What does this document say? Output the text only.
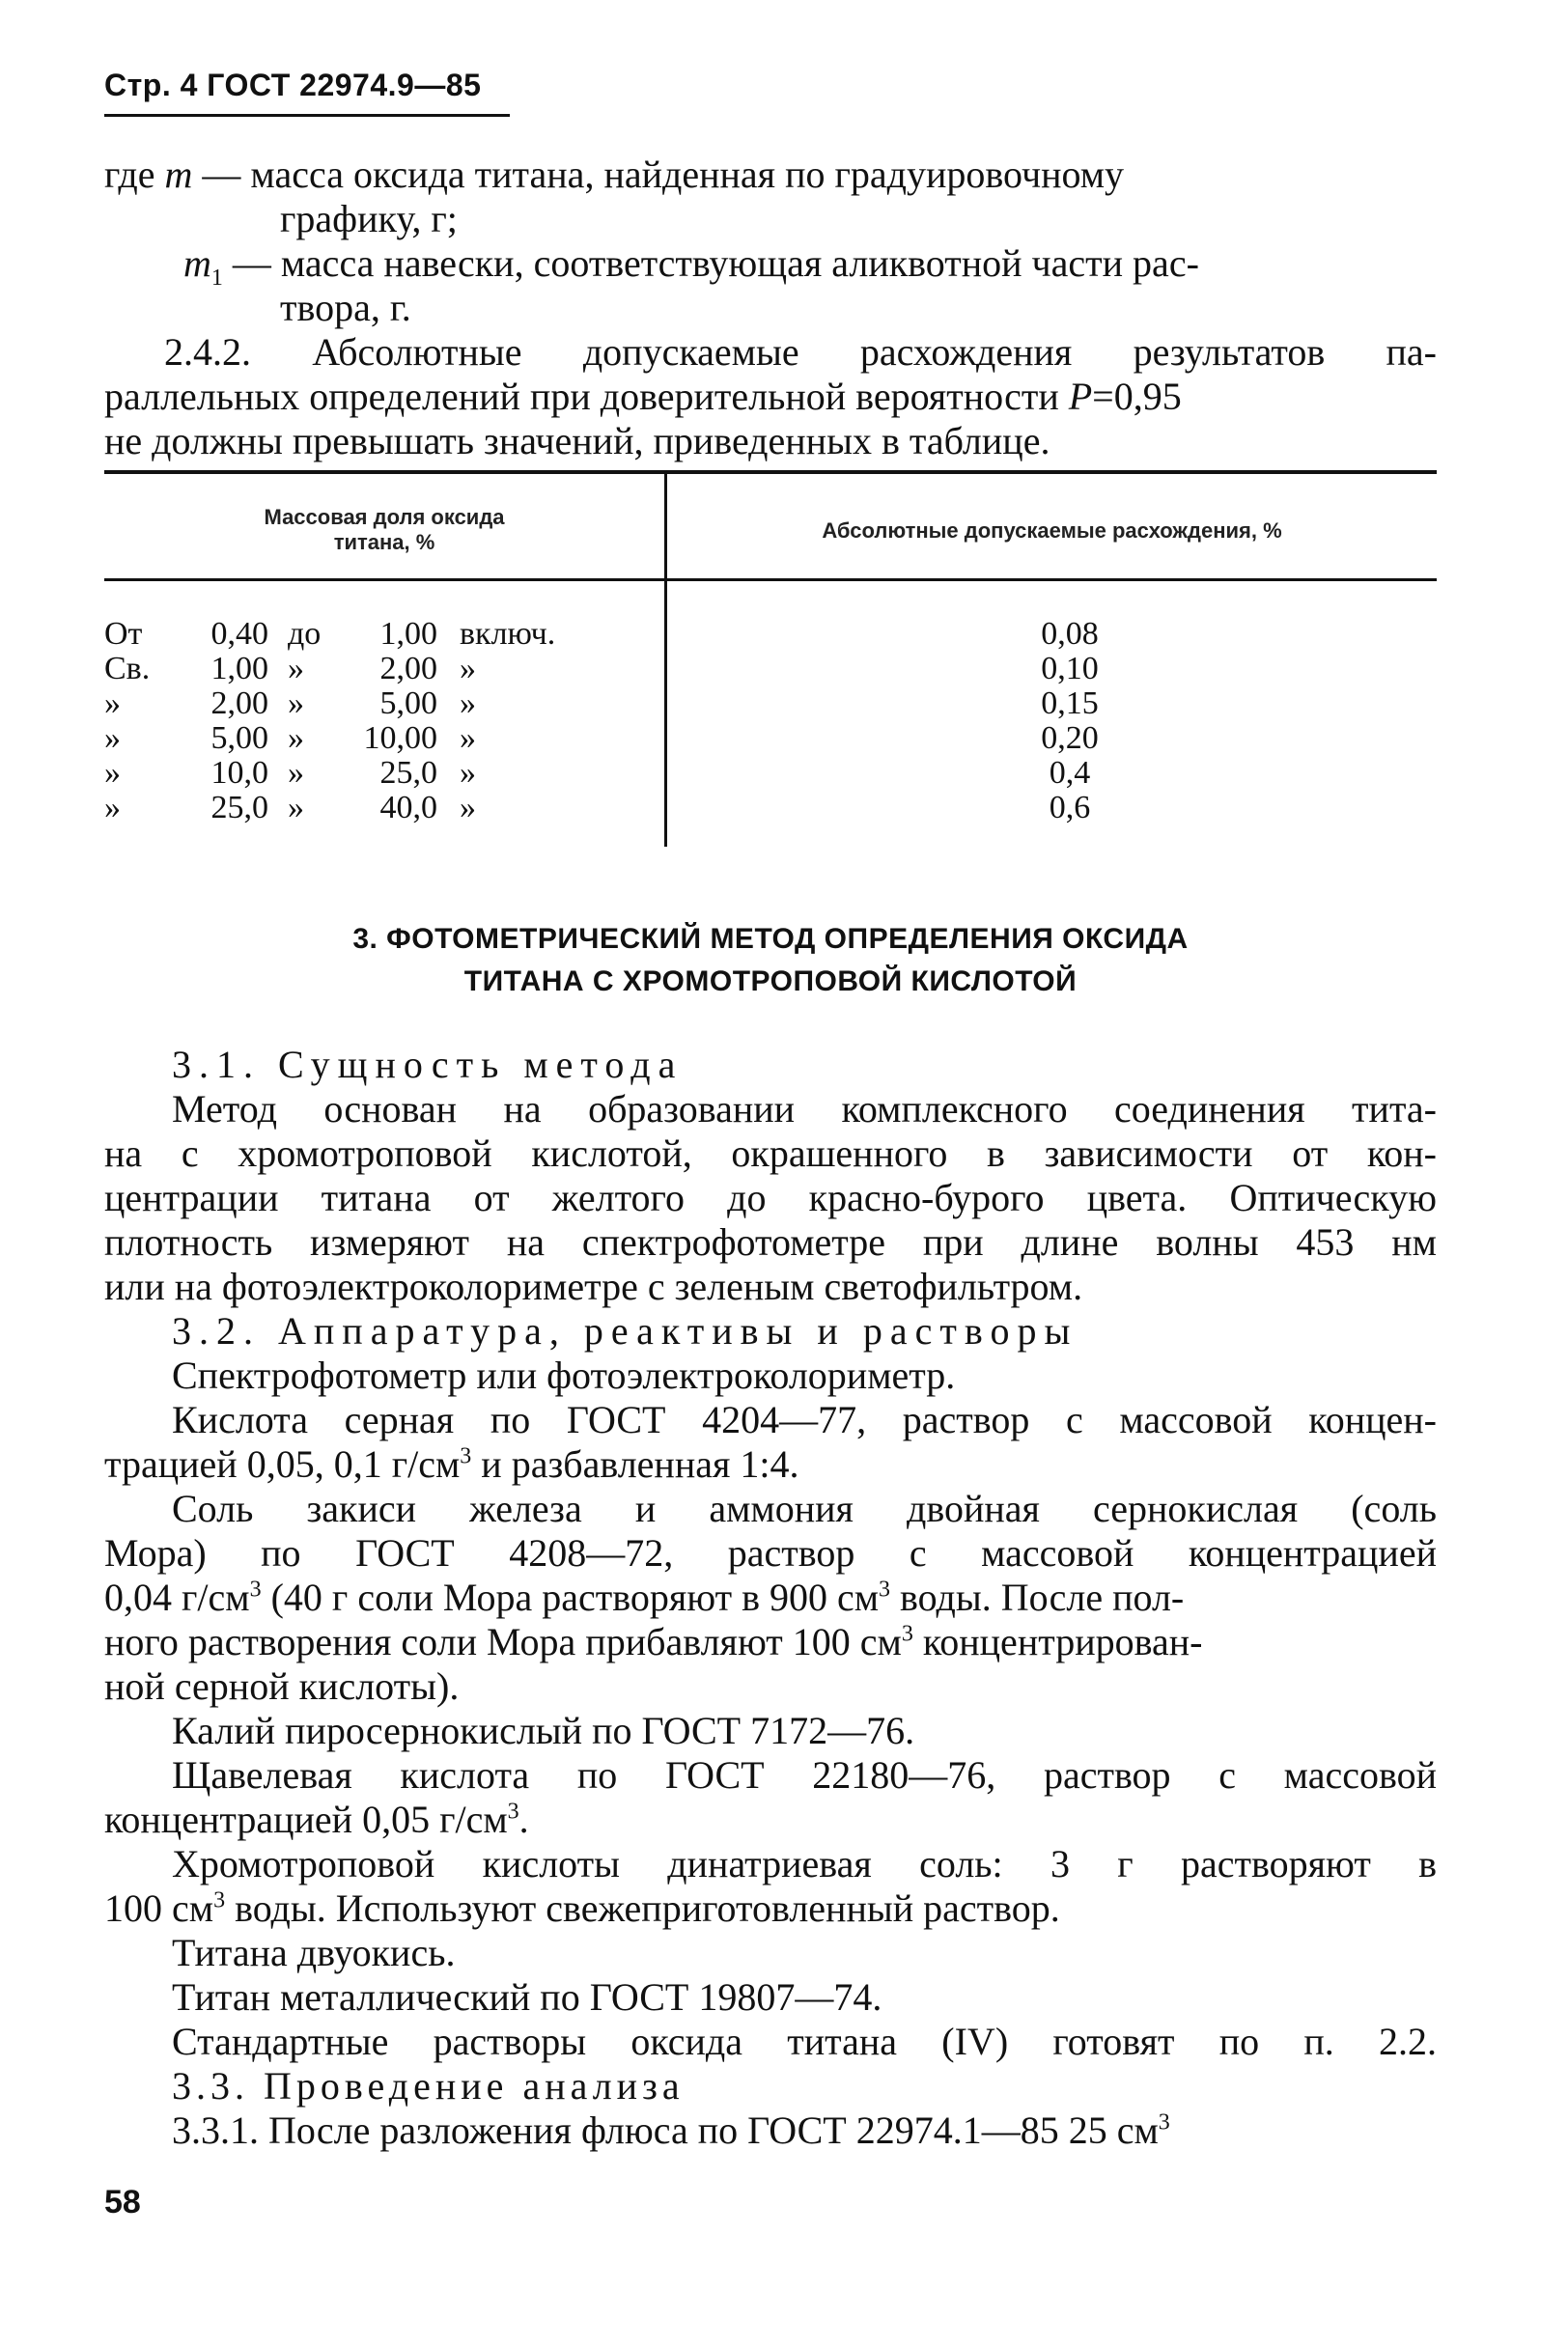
Стр. 4 ГОСТ 22974.9—85
где m — масса оксида титана, найденная по градуировочному
графику, г;
$m_1$ — масса навески, соответствующая аликвотной части рас-
твора, г.
2.4.2. Абсолютные допускаемые расхождения результатов па-
раллельных определений при доверительной вероятности P=0,95
не должны превышать значений, приведенных в таблице.
Массовая доля оксида
титана, %	Абсолютные допускаемые расхождения, %
От	0,40 до	1,00 включ.	0,08
Св.	1,00 »	2,00 »	0,10
»	2,00 »	5,00 »	0,15
»	5,00 »	10,00 »	0,20
»	10,0 »	25,0 »	0,4
»	25,0 »	40,0 »	0,6
3. ФОТОМЕТРИЧЕСКИЙ МЕТОД ОПРЕДЕЛЕНИЯ ОКСИДА
ТИТАНА С ХРОМОТРОПОВОЙ КИСЛОТОЙ
3.1. Сущность метода
Метод основан на образовании комплексного соединения тита-
на с хромотроповой кислотой, окрашенного в зависимости от кон-
центрации титана от желтого до красно-бурого цвета. Оптическую
плотность измеряют на спектрофотометре при длине волны 453 нм
или на фотоэлектроколориметре с зеленым светофильтром.
3.2. Аппаратура, реактивы и растворы
Спектрофотометр или фотоэлектроколориметр.
Кислота серная по ГОСТ 4204—77, раствор с массовой концен-
трацией 0,05, 0,1 $г/см^3$ и разбавленная 1:4.
Соль закиси железа и аммония двойная сернокислая (соль
Мора) по ГОСТ 4208—72, раствор с массовой концентрацией
0,04 $г/см^3$ (40 г соли Мора растворяют в 900 $см^3$ воды. После пол-
ного растворения соли Мора прибавляют 100 $см^3$ концентрирован-
ной серной кислоты).
Калий пиросернокислый по ГОСТ 7172—76.
Щавелевая кислота по ГОСТ 22180—76, раствор с массовой
концентрацией 0,05 $г/см^3$.
Хромотроповой кислоты динатриевая соль: 3 г растворяют в
100 $см^3$ воды. Используют свежеприготовленный раствор.
Титана двуокись.
Титан металлический по ГОСТ 19807—74.
Стандартные растворы оксида титана (IV) готовят по п. 2.2.
3.3. Проведение анализа
3.3.1. После разложения флюса по ГОСТ 22974.1—85 25 $см^3$
58
